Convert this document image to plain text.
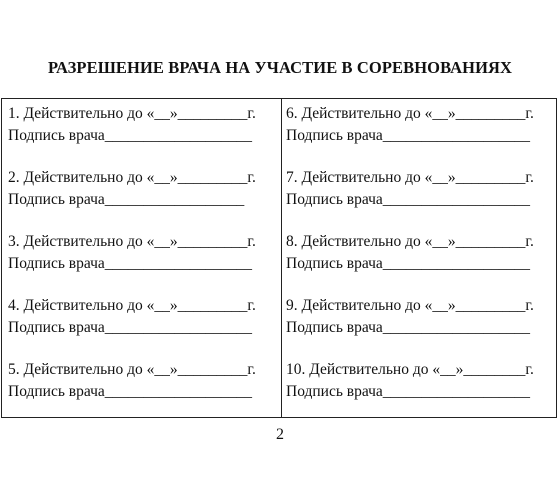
РАЗРЕШЕНИЕ ВРАЧА НА УЧАСТИЕ В СОРЕВНОВАНИЯХ
1. Действительно до «__»_________г.
Подпись врача___________________
2. Действительно до «__»_________г.
Подпись врача__________________
3. Действительно до «__»_________г.
Подпись врача___________________
4. Действительно до «__»_________г.
Подпись врача___________________
5. Действительно до «__»_________г.
Подпись врача___________________
6. Действительно до «__»_________г.
Подпись врача___________________
7. Действительно до «__»_________г.
Подпись врача___________________
8. Действительно до «__»_________г.
Подпись врача___________________
9. Действительно до «__»_________г.
Подпись врача___________________
10. Действительно до «__»________г.
Подпись врача___________________
2
